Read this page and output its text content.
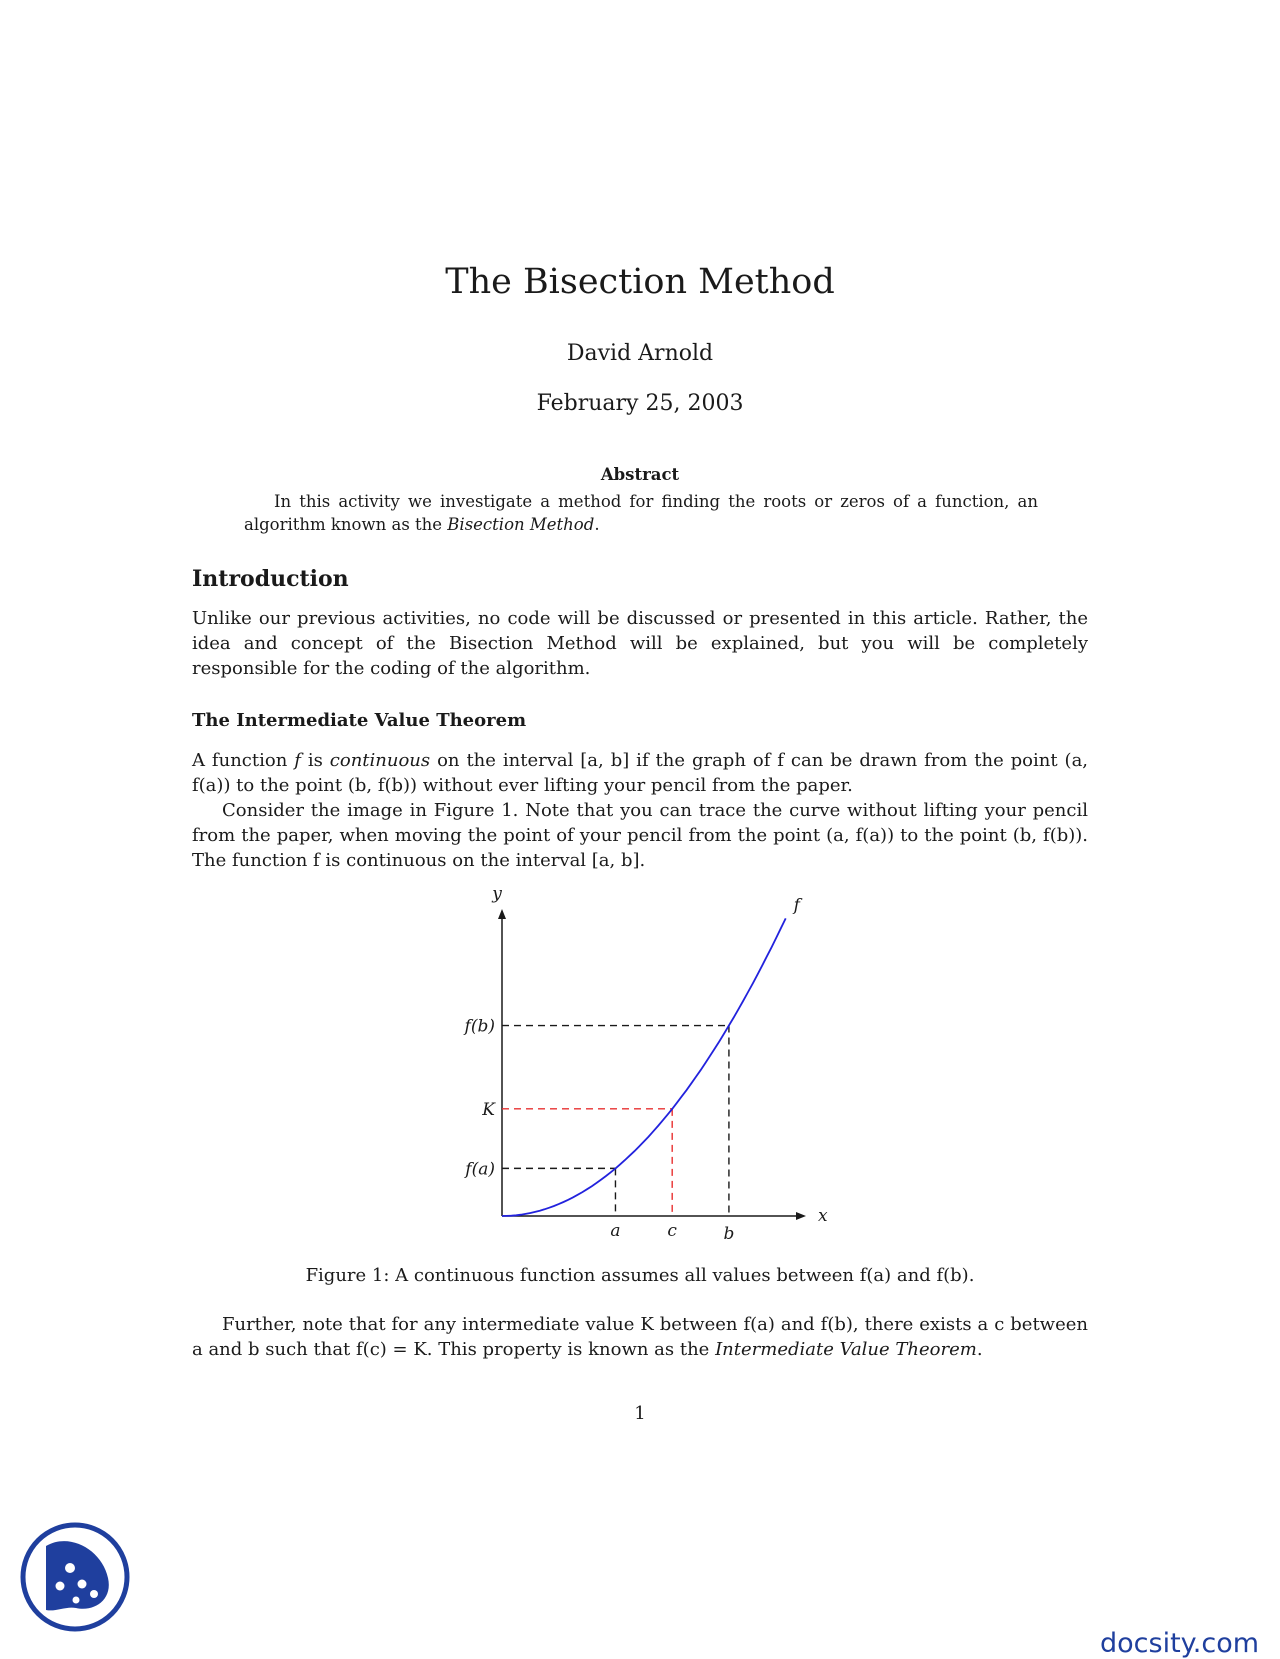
The Bisection Method
David Arnold
February 25, 2003
Abstract
In this activity we investigate a method for finding the roots or zeros of a function, an algorithm known as the Bisection Method.
Introduction
Unlike our previous activities, no code will be discussed or presented in this article. Rather, the idea and concept of the Bisection Method will be explained, but you will be completely responsible for the coding of the algorithm.
The Intermediate Value Theorem
A function f is continuous on the interval [a, b] if the graph of f can be drawn from the point (a, f(a)) to the point (b, f(b)) without ever lifting your pencil from the paper.
Consider the image in Figure 1. Note that you can trace the curve without lifting your pencil from the paper, when moving the point of your pencil from the point (a, f(a)) to the point (b, f(b)). The function f is continuous on the interval [a, b].
y
x
f(b)
K
f(a)
a	c	b
f
Figure 1: A continuous function assumes all values between f(a) and f(b).
Further, note that for any intermediate value K between f(a) and f(b), there exists a c between a and b such that f(c) = K. This property is known as the Intermediate Value Theorem.
1
docsity.com
